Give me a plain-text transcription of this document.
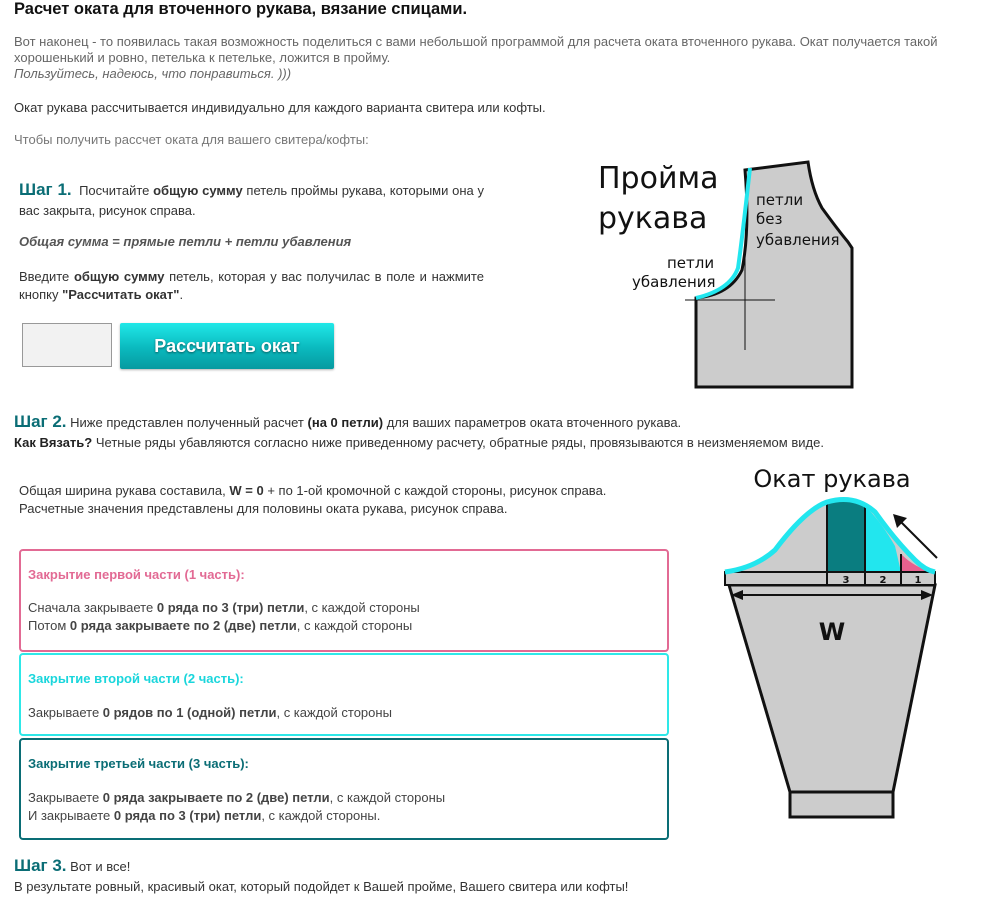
Расчет оката для вточенного рукава, вязание спицами.
Вот наконец - то появилась такая возможность поделиться с вами небольшой программой для расчета оката вточенного рукава. Окат получается такой хорошенький и ровно, петелька к петельке, ложится в пройму.
Пользуйтесь, надеюсь, что понравиться. )))
Окат рукава рассчитывается индивидуально для каждого варианта свитера или кофты.
Чтобы получить рассчет оката для вашего свитера/кофты:
Шаг 1. Посчитайте общую сумму петель проймы рукава, которыми она у вас закрыта, рисунок справа.
Общая сумма = прямые петли + петли убавления
Введите общую сумму петель, которая у вас получилас в поле и нажмите кнопку "Рассчитать окат".
Рассчитать окат
Пройма
рукава
петли
без
убавления
петли
убавления
Шаг 2. Ниже представлен полученный расчет (на 0 петли) для ваших параметров оката вточенного рукава.
Как Вязать? Четные ряды убавляются согласно ниже приведенному расчету, обратные ряды, провязываются в неизменяемом виде.
Общая ширина рукава составила, W = 0 + по 1-ой кромочной с каждой стороны, рисунок справа.
Расчетные значения представлены для половины оката рукава, рисунок справа.
Закрытие первой части (1 часть):
Сначала закрываете 0 ряда по 3 (три) петли, с каждой стороны
Потом 0 ряда закрываете по 2 (две) петли, с каждой стороны
Закрытие второй части (2 часть):
Закрываете 0 рядов по 1 (одной) петли, с каждой стороны
Закрытие третьей части (3 часть):
Закрываете 0 ряда закрываете по 2 (две) петли, с каждой стороны
И закрываете 0 ряда по 3 (три) петли, с каждой стороны.
Окат рукава
3	2	1
W
Шаг 3. Вот и все!
В результате ровный, красивый окат, который подойдет к Вашей пройме, Вашего свитера или кофты!
